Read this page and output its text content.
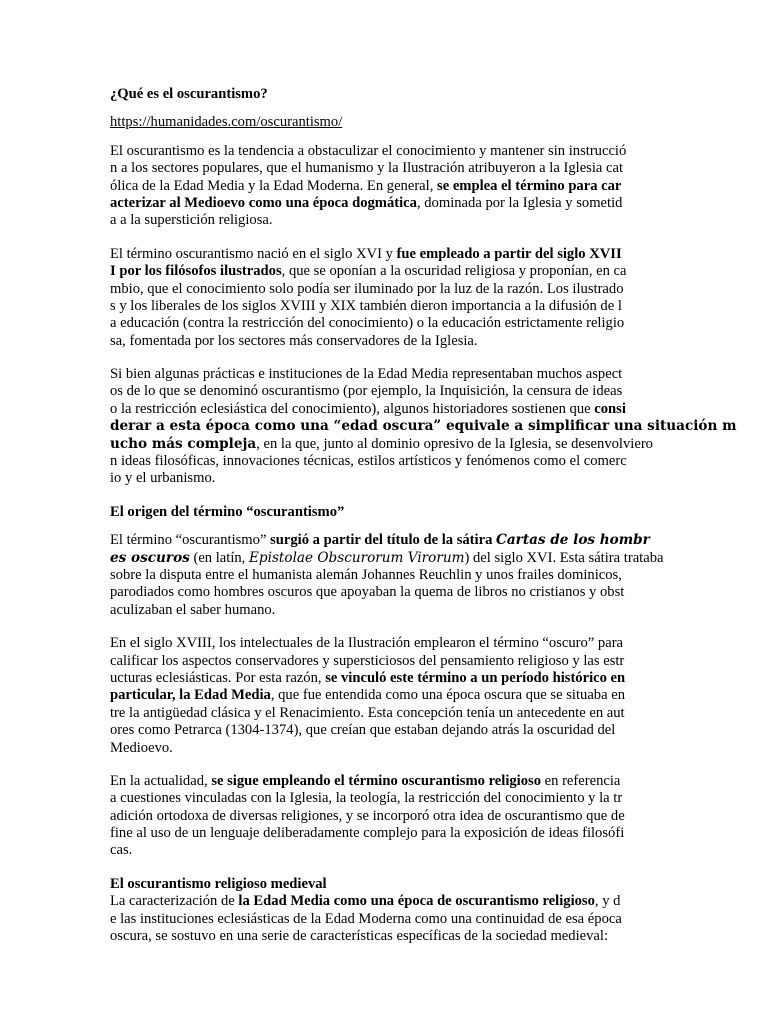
¿Qué es el oscurantismo?
https://humanidades.com/oscurantismo/
El oscurantismo es la tendencia a obstaculizar el conocimiento y mantener sin instrucció
n a los sectores populares, que el humanismo y la Ilustración atribuyeron a la Iglesia cat
ólica de la Edad Media y la Edad Moderna. En general, se emplea el término para car
acterizar al Medioevo como una época dogmática, dominada por la Iglesia y sometid
a a la superstición religiosa.
El término oscurantismo nació en el siglo XVI y fue empleado a partir del siglo XVII
I por los filósofos ilustrados, que se oponían a la oscuridad religiosa y proponían, en ca
mbio, que el conocimiento solo podía ser iluminado por la luz de la razón. Los ilustrado
s y los liberales de los siglos XVIII y XIX también dieron importancia a la difusión de l
a educación (contra la restricción del conocimiento) o la educación estrictamente religio
sa, fomentada por los sectores más conservadores de la Iglesia.
Si bien algunas prácticas e instituciones de la Edad Media representaban muchos aspect
os de lo que se denominó oscurantismo (por ejemplo, la Inquisición, la censura de ideas
o la restricción eclesiástica del conocimiento), algunos historiadores sostienen que consi
derar a esta época como una “edad oscura” equivale a simplificar una situación m
ucho más compleja, en la que, junto al dominio opresivo de la Iglesia, se desenvolviero
n ideas filosóficas, innovaciones técnicas, estilos artísticos y fenómenos como el comerc
io y el urbanismo.
El origen del término “oscurantismo”
El término “oscurantismo” surgió a partir del título de la sátira Cartas de los hombr
es oscuros (en latín, Epistolae Obscurorum Virorum) del siglo XVI. Esta sátira trataba
sobre la disputa entre el humanista alemán Johannes Reuchlin y unos frailes dominicos,
parodiados como hombres oscuros que apoyaban la quema de libros no cristianos y obst
aculizaban el saber humano.
En el siglo XVIII, los intelectuales de la Ilustración emplearon el término “oscuro” para
calificar los aspectos conservadores y supersticiosos del pensamiento religioso y las estr
ucturas eclesiásticas. Por esta razón, se vinculó este término a un período histórico en
particular, la Edad Media, que fue entendida como una época oscura que se situaba en
tre la antigüedad clásica y el Renacimiento. Esta concepción tenía un antecedente en aut
ores como Petrarca (1304-1374), que creían que estaban dejando atrás la oscuridad del
Medioevo.
En la actualidad, se sigue empleando el término oscurantismo religioso en referencia
a cuestiones vinculadas con la Iglesia, la teología, la restricción del conocimiento y la tr
adición ortodoxa de diversas religiones, y se incorporó otra idea de oscurantismo que de
fine al uso de un lenguaje deliberadamente complejo para la exposición de ideas filosófi
cas.
El oscurantismo religioso medieval
La caracterización de la Edad Media como una época de oscurantismo religioso, y d
e las instituciones eclesiásticas de la Edad Moderna como una continuidad de esa época
oscura, se sostuvo en una serie de características específicas de la sociedad medieval:
